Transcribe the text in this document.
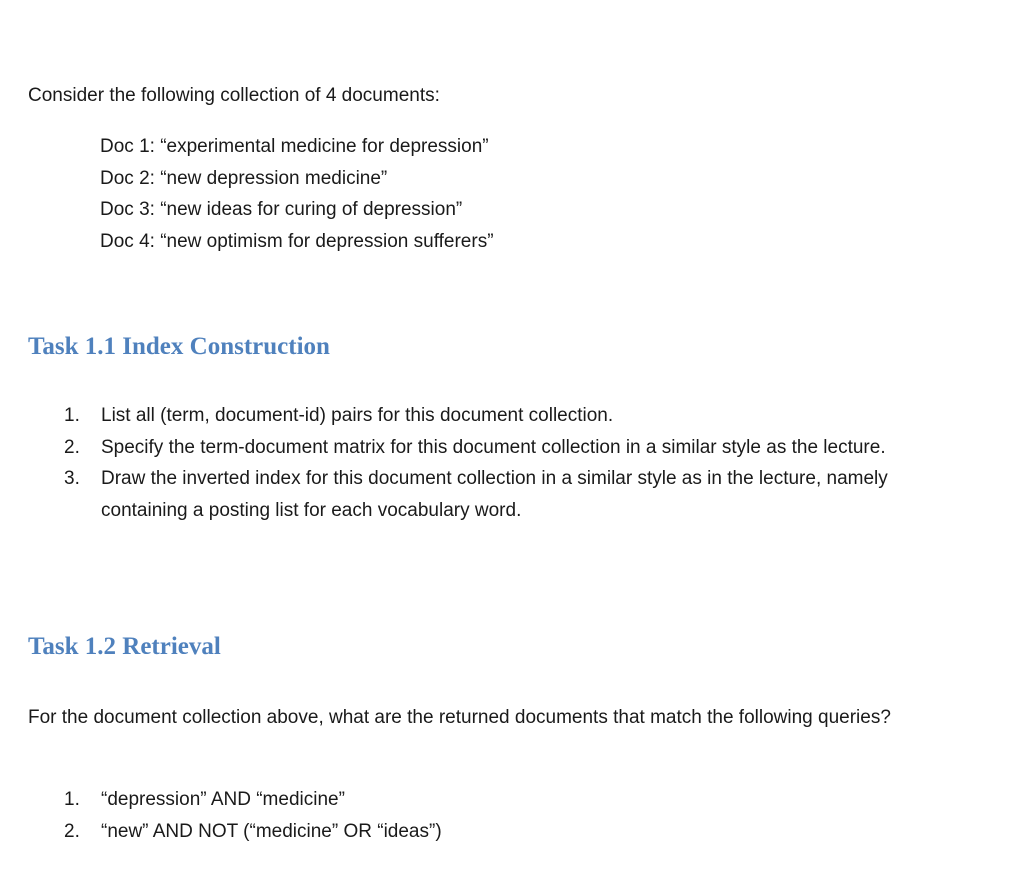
Consider the following collection of 4 documents:

Doc 1: “experimental medicine for depression”
Doc 2: “new depression medicine”
Doc 3: “new ideas for curing of depression”
Doc 4: “new optimism for depression sufferers”
Task 1.1 Index Construction
1. List all (term, document-id) pairs for this document collection.
2. Specify the term-document matrix for this document collection in a similar style as the lecture.
3. Draw the inverted index for this document collection in a similar style as in the lecture, namely containing a posting list for each vocabulary word.
Task 1.2 Retrieval

For the document collection above, what are the returned documents that match the following queries?

1. “depression” AND “medicine”
2. “new” AND NOT (“medicine” OR “ideas”)
